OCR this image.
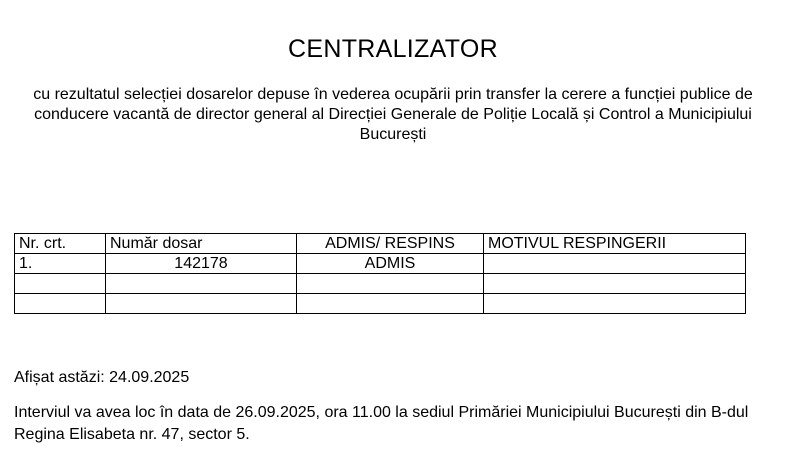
CENTRALIZATOR
cu rezultatul selecției dosarelor depuse în vederea ocupării prin transfer la cerere a funcției publice de conducere vacantă de director general al Direcției Generale de Poliție Locală și Control a Municipiului București
Nr. crt.	Număr dosar	ADMIS/ RESPINS	MOTIVUL RESPINGERII
1.	142178	ADMIS	

Afișat astăzi: 24.09.2025
Interviul va avea loc în data de 26.09.2025, ora 11.00 la sediul Primăriei Municipiului București din B-dul Regina Elisabeta nr. 47, sector 5.
